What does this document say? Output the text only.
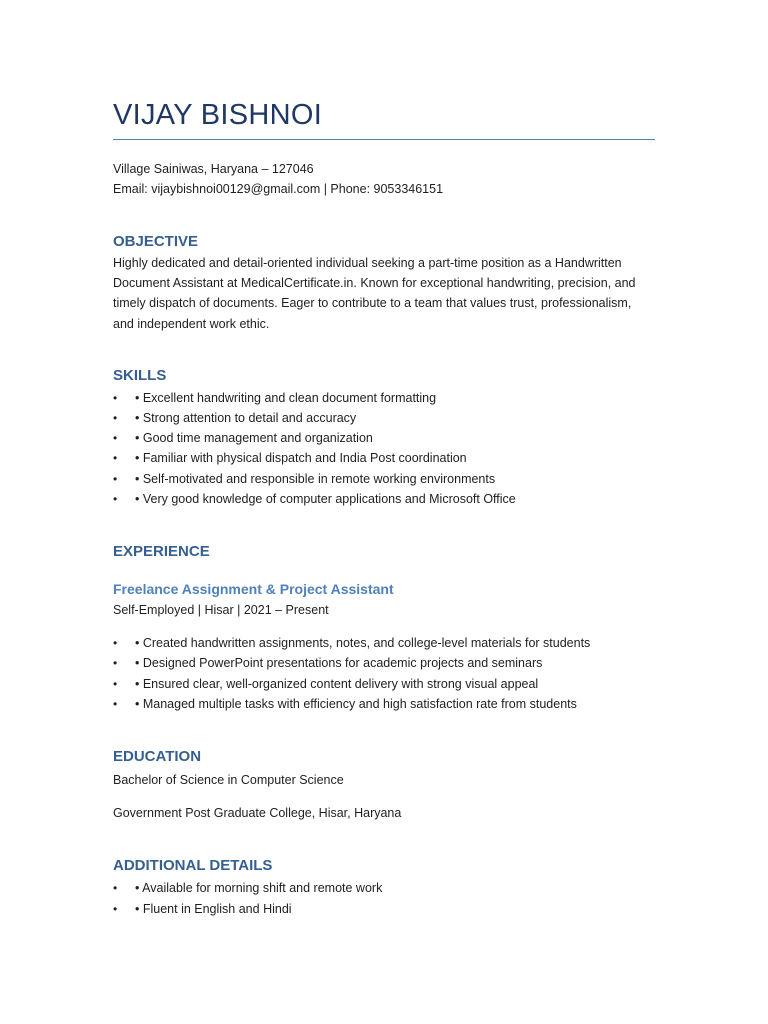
VIJAY BISHNOI
Village Sainiwas, Haryana – 127046
Email: vijaybishnoi00129@gmail.com | Phone: 9053346151
OBJECTIVE

Highly dedicated and detail-oriented individual seeking a part-time position as a Handwritten Document Assistant at MedicalCertificate.in. Known for exceptional handwriting, precision, and timely dispatch of documents. Eager to contribute to a team that values trust, professionalism, and independent work ethic.

SKILLS
• • Excellent handwriting and clean document formatting
• • Strong attention to detail and accuracy
• • Good time management and organization
• • Familiar with physical dispatch and India Post coordination
• • Self-motivated and responsible in remote working environments
• • Very good knowledge of computer applications and Microsoft Office
EXPERIENCE
Freelance Assignment & Project Assistant
Self-Employed | Hisar | 2021 – Present
• • Created handwritten assignments, notes, and college-level materials for students
• • Designed PowerPoint presentations for academic projects and seminars
• • Ensured clear, well-organized content delivery with strong visual appeal
• • Managed multiple tasks with efficiency and high satisfaction rate from students
EDUCATION
Bachelor of Science in Computer Science
Government Post Graduate College, Hisar, Haryana
ADDITIONAL DETAILS
• • Available for morning shift and remote work
• • Fluent in English and Hindi
